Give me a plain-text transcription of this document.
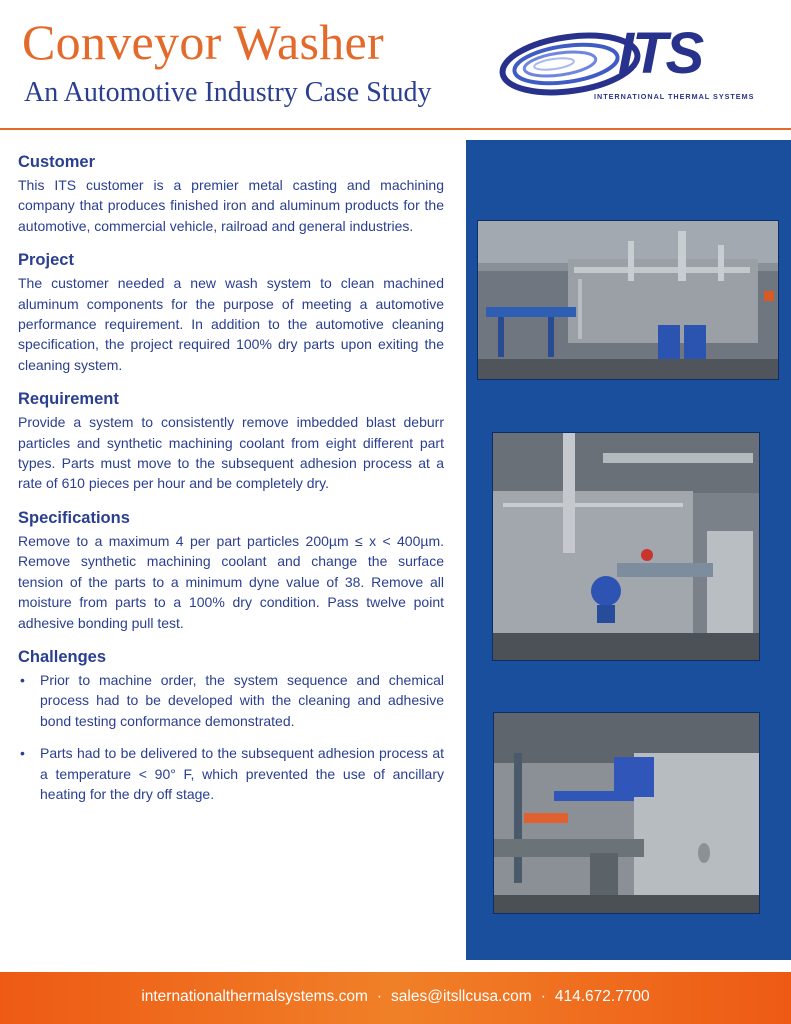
Conveyor Washer
An Automotive Industry Case Study
ITS
INTERNATIONAL THERMAL SYSTEMS
Customer

This ITS customer is a premier metal casting and machining company that produces finished iron and aluminum products for the automotive, commercial vehicle, railroad and general industries.

Project

The customer needed a new wash system to clean machined aluminum components for the purpose of meeting a automotive performance requirement. In addition to the automotive cleaning specification, the project required 100% dry parts upon exiting the cleaning system.

Requirement

Provide a system to consistently remove imbedded blast deburr particles and synthetic machining coolant from eight different part types. Parts must move to the subsequent adhesion process at a rate of 610 pieces per hour and be completely dry.

Specifications

Remove to a maximum 4 per part particles 200µm ≤ x < 400µm. Remove synthetic machining coolant and change the surface tension of the parts to a minimum dyne value of 38. Remove all moisture from parts to a 100% dry condition. Pass twelve point adhesive bonding pull test.

Challenges
• Prior to machine order, the system sequence and chemical process had to be developed with the cleaning and adhesive bond testing conformance demonstrated.
• Parts had to be delivered to the subsequent adhesion process at a temperature < 90° F, which prevented the use of ancillary heating for the dry off stage.
internationalthermalsystems.com · sales@itsllcusa.com · 414.672.7700
